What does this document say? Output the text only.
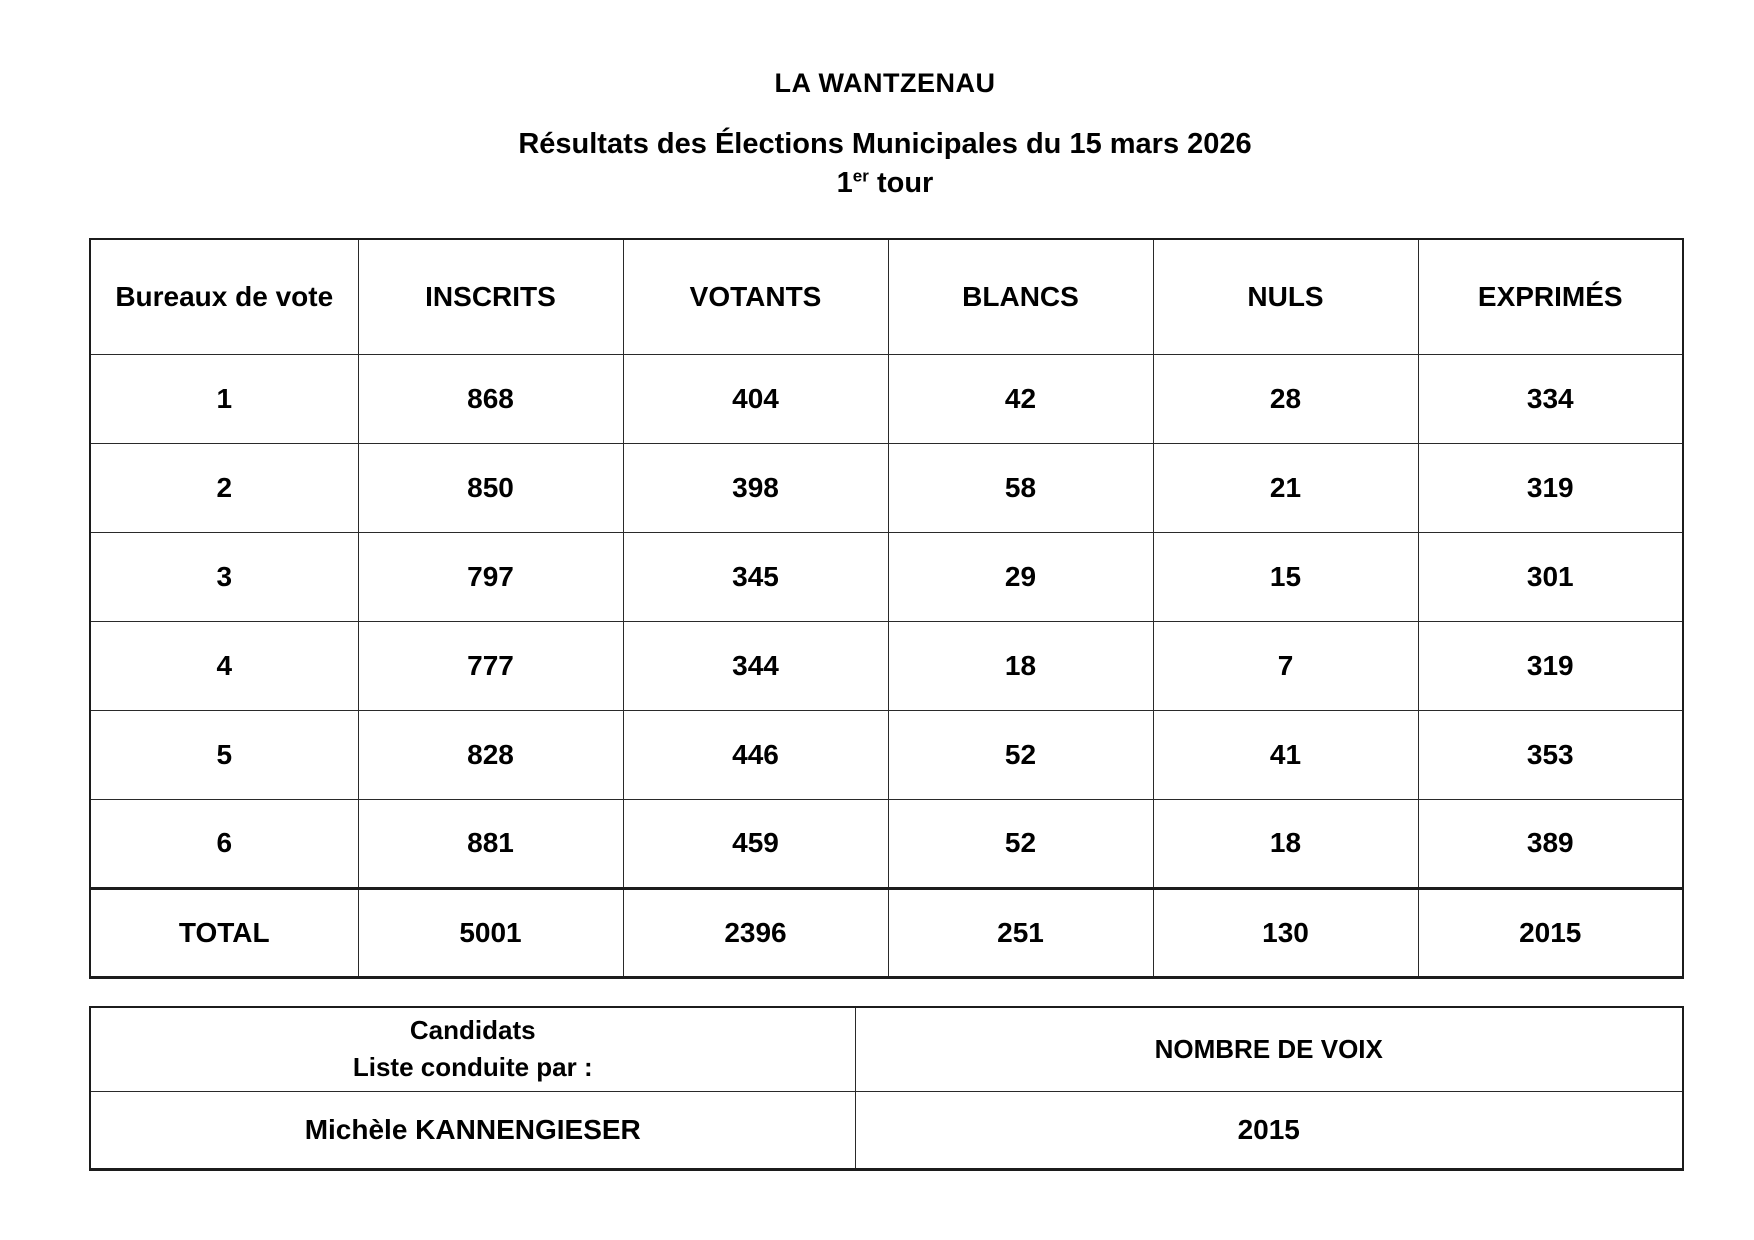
LA WANTZENAU
Résultats des Élections Municipales du 15 mars 2026
1er tour
Bureaux de vote	INSCRITS	VOTANTS	BLANCS	NULS	EXPRIMÉS
1	868	404	42	28	334
2	850	398	58	21	319
3	797	345	29	15	301
4	777	344	18	7	319
5	828	446	52	41	353
6	881	459	52	18	389
TOTAL	5001	2396	251	130	2015
Candidats
Liste conduite par :	NOMBRE DE VOIX
Michèle KANNENGIESER	2015
